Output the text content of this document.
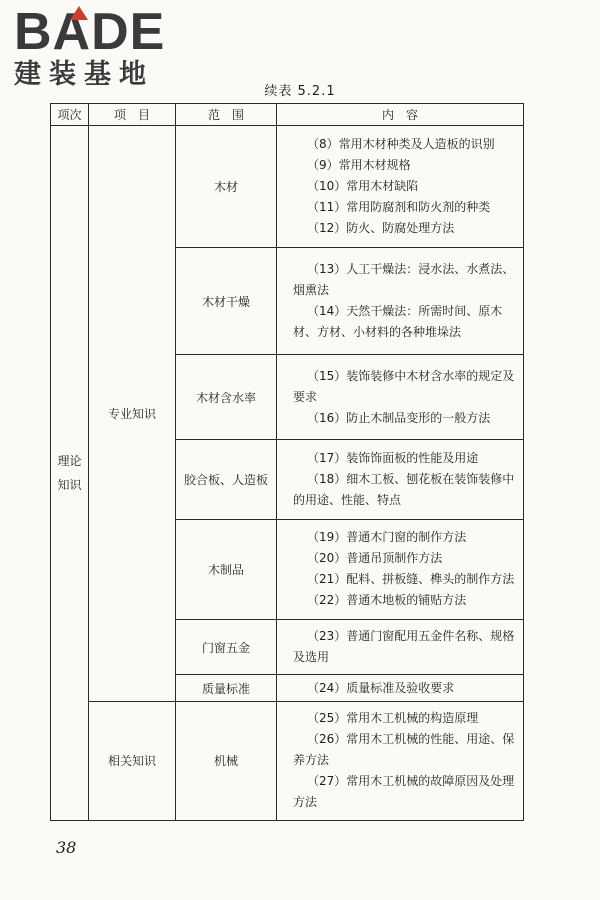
BADE
建装基地
续表 5.2.1
项次	项　目	范　围	内　容
理论
知识	专业知识	木材	（8）常用木材种类及人造板的识别
（9）常用木材规格
（10）常用木材缺陷
（11）常用防腐剂和防火剂的种类
（12）防火、防腐处理方法

		木材干燥	（13）人工干燥法：浸水法、水煮法、
烟熏法
（14）天然干燥法：所需时间、原木
材、方材、小材料的各种堆垛法

		木材含水率	（15）装饰装修中木材含水率的规定及
要求
（16）防止木制品变形的一般方法

		胶合板、人造板	（17）装饰饰面板的性能及用途
（18）细木工板、刨花板在装饰装修中
的用途、性能、特点

		木制品	（19）普通木门窗的制作方法
（20）普通吊顶制作方法
（21）配料、拼板缝、榫头的制作方法
（22）普通木地板的铺贴方法

		门窗五金	（23）普通门窗配用五金件名称、规格
及选用

		质量标准	（24）质量标准及验收要求

	相关知识	机械	（25）常用木工机械的构造原理
（26）常用木工机械的性能、用途、保
养方法
（27）常用木工机械的故障原因及处理
方法
38
